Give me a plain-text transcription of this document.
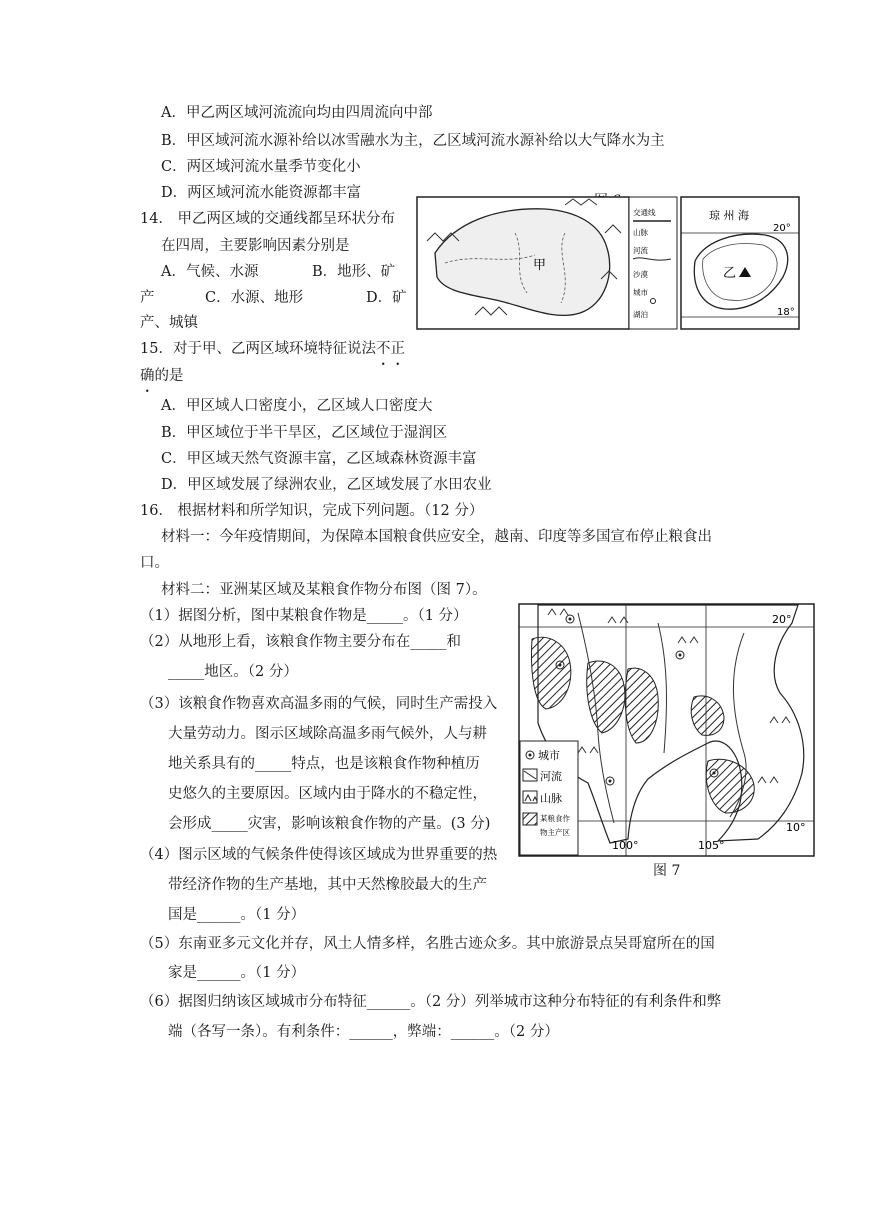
A．甲乙两区域河流流向均由四周流向中部
B．甲区域河流水源补给以冰雪融水为主，乙区域河流水源补给以大气降水为主
C．两区域河流水量季节变化小
D．两区域河流水能资源都丰富
甲
交通线
山脉
河流
沙漠
城市
湖泊
琼 州 海
20°
乙
18°
14． 甲乙两区域的交通线都呈环状分布
在四周，主要影响因素分别是
A．气候、水源	B．地形、矿
产	C．水源、地形	D．矿
产、城镇
15．对于甲、乙两区域环境特征说法不正
确的是
A．甲区域人口密度小，乙区域人口密度大
B．甲区域位于半干旱区，乙区域位于湿润区
C．甲区域天然气资源丰富，乙区域森林资源丰富
D．甲区域发展了绿洲农业，乙区域发展了水田农业
16． 根据材料和所学知识，完成下列问题。（12 分）
材料一：今年疫情期间，为保障本国粮食供应安全，越南、印度等多国宣布停止粮食出
口。
材料二：亚洲某区域及某粮食作物分布图（图 7）。
（1）据图分析，图中某粮食作物是_____。（1 分）
（2）从地形上看，该粮食作物主要分布在_____和
_____地区。（2 分）
（3）该粮食作物喜欢高温多雨的气候，同时生产需投入
大量劳动力。图示区域除高温多雨气候外，人与耕
地关系具有的_____特点，也是该粮食作物种植历
史悠久的主要原因。区域内由于降水的不稳定性，
会形成_____灾害，影响该粮食作物的产量。(3 分)
（4）图示区域的气候条件使得该区域成为世界重要的热
带经济作物的生产基地，其中天然橡胶最大的生产
国是______。（1 分）
（5）东南亚多元文化并存，风土人情多样，名胜古迹众多。其中旅游景点吴哥窟所在的国
家是______。（1 分）
（6）据图归纳该区域城市分布特征______。（2 分）列举城市这种分布特征的有利条件和弊
端（各写一条）。有利条件：______，弊端：______。（2 分）
20°
10°
100°	105°
城市
河流
山脉
某粮食作
物主产区
图 7
